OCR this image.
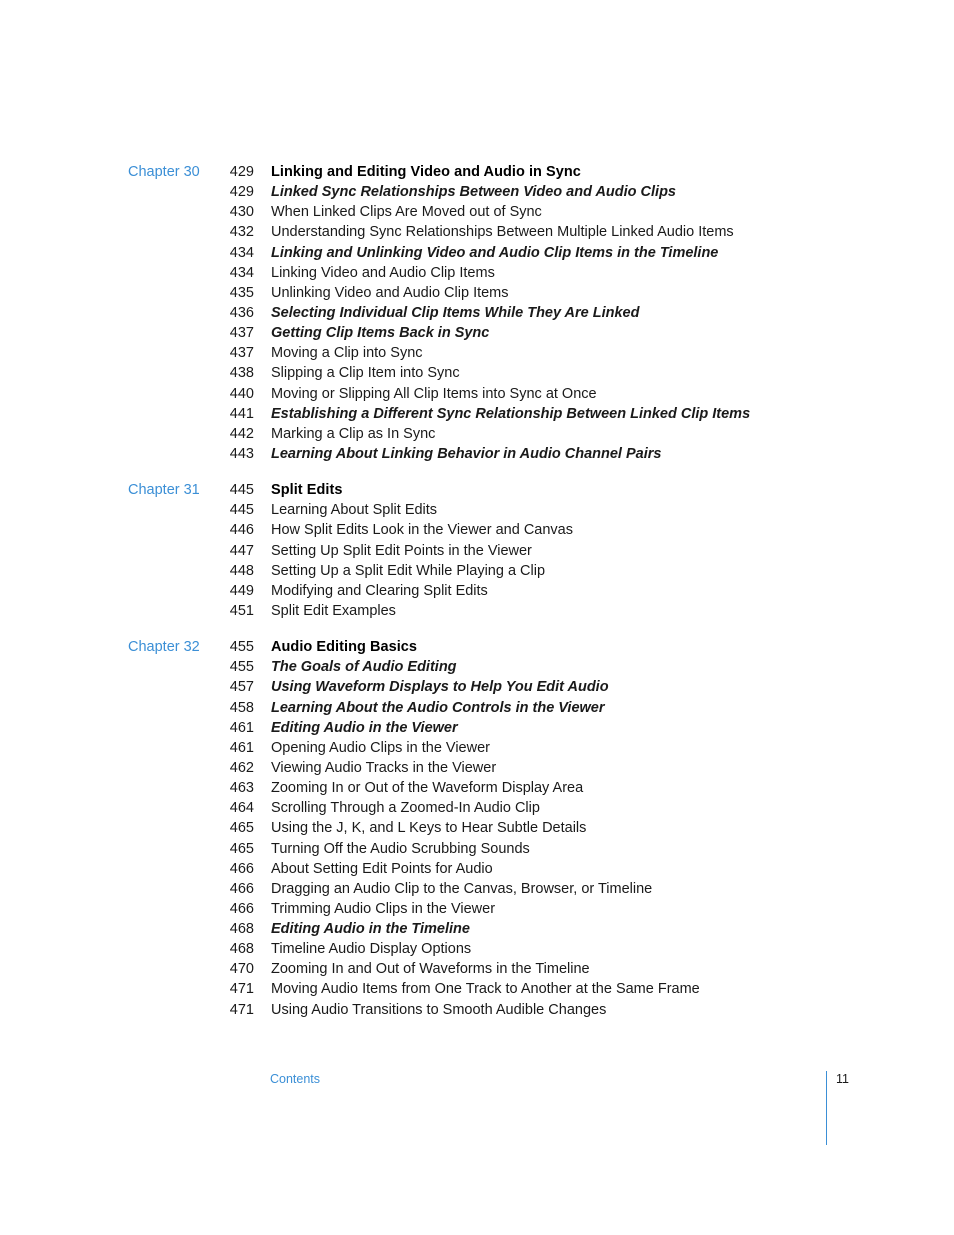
Chapter 30	429 Linking and Editing Video and Audio in Sync
429 Linked Sync Relationships Between Video and Audio Clips
430 When Linked Clips Are Moved out of Sync
432 Understanding Sync Relationships Between Multiple Linked Audio Items
434 Linking and Unlinking Video and Audio Clip Items in the Timeline
434 Linking Video and Audio Clip Items
435 Unlinking Video and Audio Clip Items
436 Selecting Individual Clip Items While They Are Linked
437 Getting Clip Items Back in Sync
437 Moving a Clip into Sync
438 Slipping a Clip Item into Sync
440 Moving or Slipping All Clip Items into Sync at Once
441 Establishing a Different Sync Relationship Between Linked Clip Items
442 Marking a Clip as In Sync
443 Learning About Linking Behavior in Audio Channel Pairs
Chapter 31	445 Split Edits
445 Learning About Split Edits
446 How Split Edits Look in the Viewer and Canvas
447 Setting Up Split Edit Points in the Viewer
448 Setting Up a Split Edit While Playing a Clip
449 Modifying and Clearing Split Edits
451 Split Edit Examples
Chapter 32	455 Audio Editing Basics
455 The Goals of Audio Editing
457 Using Waveform Displays to Help You Edit Audio
458 Learning About the Audio Controls in the Viewer
461 Editing Audio in the Viewer
461 Opening Audio Clips in the Viewer
462 Viewing Audio Tracks in the Viewer
463 Zooming In or Out of the Waveform Display Area
464 Scrolling Through a Zoomed-In Audio Clip
465 Using the J, K, and L Keys to Hear Subtle Details
465 Turning Off the Audio Scrubbing Sounds
466 About Setting Edit Points for Audio
466 Dragging an Audio Clip to the Canvas, Browser, or Timeline
466 Trimming Audio Clips in the Viewer
468 Editing Audio in the Timeline
468 Timeline Audio Display Options
470 Zooming In and Out of Waveforms in the Timeline
471 Moving Audio Items from One Track to Another at the Same Frame
471 Using Audio Transitions to Smooth Audible Changes
Contents	11
